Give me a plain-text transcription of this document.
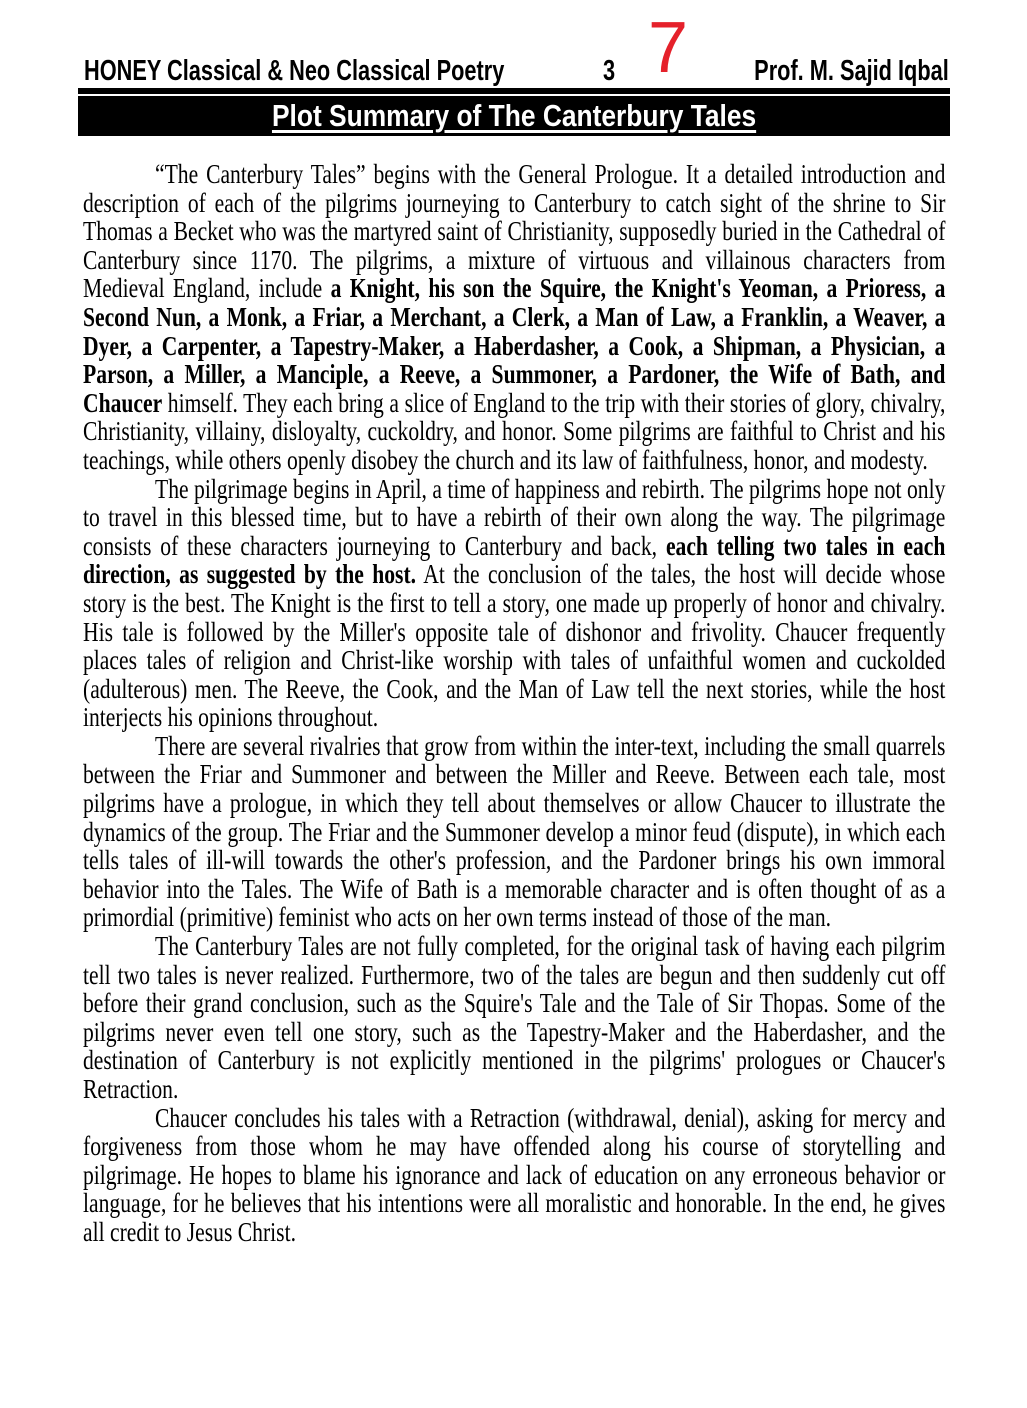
7
HONEY Classical & Neo Classical Poetry	3	Prof. M. Sajid Iqbal
Plot Summary of The Canterbury Tales

“The Canterbury Tales” begins with the General Prologue. It a detailed introduction and description of each of the pilgrims journeying to Canterbury to catch sight of the shrine to Sir Thomas a Becket who was the martyred saint of Christianity, supposedly buried in the Cathedral of Canterbury since 1170. The pilgrims, a mixture of virtuous and villainous characters from Medieval England, include a Knight, his son the Squire, the Knight's Yeoman, a Prioress, a Second Nun, a Monk, a Friar, a Merchant, a Clerk, a Man of Law, a Franklin, a Weaver, a Dyer, a Carpenter, a Tapestry-Maker, a Haberdasher, a Cook, a Shipman, a Physician, a Parson, a Miller, a Manciple, a Reeve, a Summoner, a Pardoner, the Wife of Bath, and Chaucer himself. They each bring a slice of England to the trip with their stories of glory, chivalry, Christianity, villainy, disloyalty, cuckoldry, and honor. Some pilgrims are faithful to Christ and his teachings, while others openly disobey the church and its law of faithfulness, honor, and modesty.

The pilgrimage begins in April, a time of happiness and rebirth. The pilgrims hope not only to travel in this blessed time, but to have a rebirth of their own along the way. The pilgrimage consists of these characters journeying to Canterbury and back, each telling two tales in each direction, as suggested by the host. At the conclusion of the tales, the host will decide whose story is the best. The Knight is the first to tell a story, one made up properly of honor and chivalry. His tale is followed by the Miller's opposite tale of dishonor and frivolity. Chaucer frequently places tales of religion and Christ-like worship with tales of unfaithful women and cuckolded (adulterous) men. The Reeve, the Cook, and the Man of Law tell the next stories, while the host interjects his opinions throughout.

There are several rivalries that grow from within the inter-text, including the small quarrels between the Friar and Summoner and between the Miller and Reeve. Between each tale, most pilgrims have a prologue, in which they tell about themselves or allow Chaucer to illustrate the dynamics of the group. The Friar and the Summoner develop a minor feud (dispute), in which each tells tales of ill-will towards the other's profession, and the Pardoner brings his own immoral behavior into the Tales. The Wife of Bath is a memorable character and is often thought of as a primordial (primitive) feminist who acts on her own terms instead of those of the man.

The Canterbury Tales are not fully completed, for the original task of having each pilgrim tell two tales is never realized. Furthermore, two of the tales are begun and then suddenly cut off before their grand conclusion, such as the Squire's Tale and the Tale of Sir Thopas. Some of the pilgrims never even tell one story, such as the Tapestry-Maker and the Haberdasher, and the destination of Canterbury is not explicitly mentioned in the pilgrims' prologues or Chaucer's Retraction.

Chaucer concludes his tales with a Retraction (withdrawal, denial), asking for mercy and forgiveness from those whom he may have offended along his course of storytelling and pilgrimage. He hopes to blame his ignorance and lack of education on any erroneous behavior or language, for he believes that his intentions were all moralistic and honorable. In the end, he gives all credit to Jesus Christ.
